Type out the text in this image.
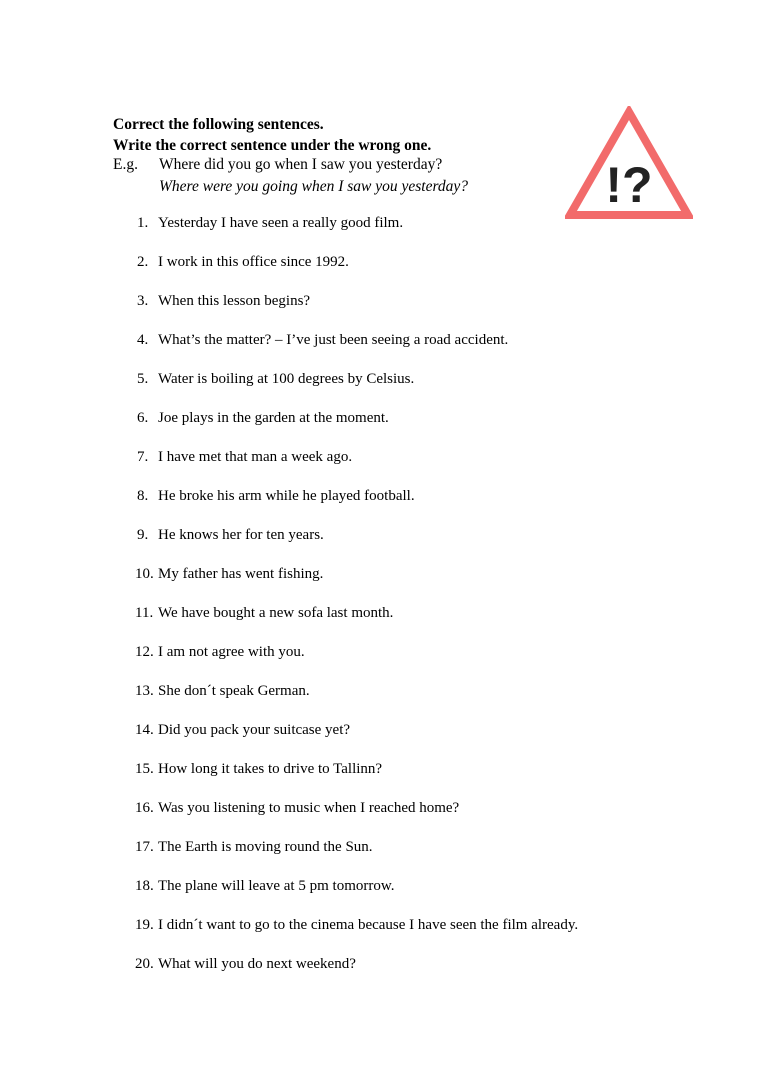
Correct the following sentences.
Write the correct sentence under the wrong one.
E.g. Where did you go when I saw you yesterday?
Where were you going when I saw you yesterday?	!?
1. Yesterday I have seen a really good film.
2. I work in this office since 1992.
3. When this lesson begins?
4. What’s the matter? – I’ve just been seeing a road accident.
5. Water is boiling at 100 degrees by Celsius.
6. Joe plays in the garden at the moment.
7. I have met that man a week ago.
8. He broke his arm while he played football.
9. He knows her for ten years.
10. My father has went fishing.
11. We have bought a new sofa last month.
12. I am not agree with you.
13. She don´t speak German.
14. Did you pack your suitcase yet?
15. How long it takes to drive to Tallinn?
16. Was you listening to music when I reached home?
17. The Earth is moving round the Sun.
18. The plane will leave at 5 pm tomorrow.
19. I didn´t want to go to the cinema because I have seen the film already.
20. What will you do next weekend?
